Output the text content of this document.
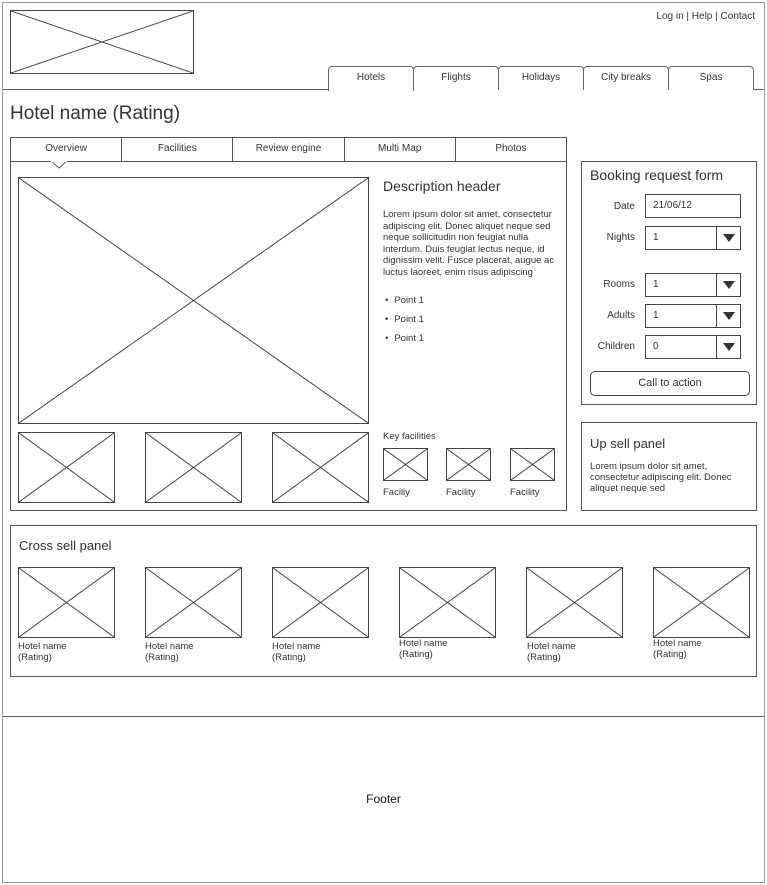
Log in | Help | Contact
Hotels	Flights	Holidays	City breaks	Spas
Hotel name (Rating)
Overview	Facilities	Review engine	Multi Map	Photos
Description header
Lorem ipsum dolor sit amet, consectetur adipiscing elit. Donec aliquet neque sed neque sollicitudin non feugiat nulla interdum. Duis feugiat lectus neque, id dignissim velit. Fusce placerat, augue ac luctus laoreet, enim risus adipiscing
• Point 1
• Point 1
• Point 1
Key facilities
Faciliy	Facility	Facility
Booking request form
Date	21/06/12
Nights	1
Rooms	1
Adults	1
Children	0
Call to action
Up sell panel
Lorem ipsum dolor sit amet, consectetur adipiscing elit. Donec aliquet neque sed
Cross sell panel
Hotel name
(Rating)
Hotel name
(Rating)
Hotel name
(Rating)
Hotel name
(Rating)
Hotel name
(Rating)
Hotel name
(Rating)
Footer
